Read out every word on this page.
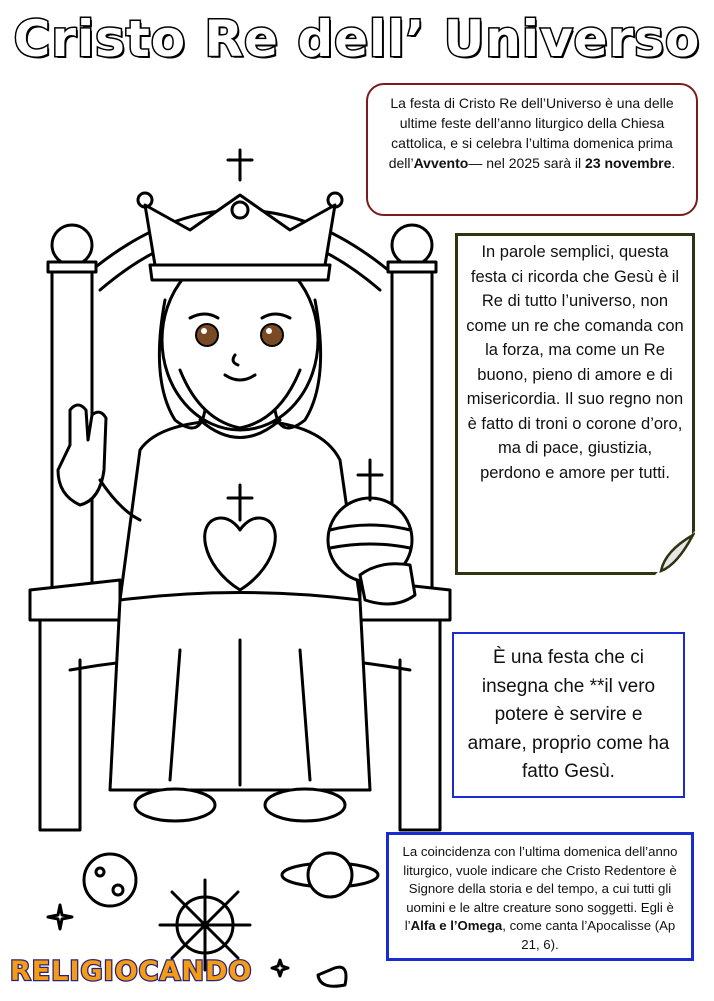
Cristo Re dell’ Universo
La festa di Cristo Re dell’Universo è una delle ultime feste dell’anno liturgico della Chiesa cattolica, e si celebra l’ultima domenica prima dell’Avvento— nel 2025 sarà il 23 novembre.
In parole semplici, questa festa ci ricorda che Gesù è il Re di tutto l’universo, non come un re che comanda con la forza, ma come un Re buono, pieno di amore e di misericordia. Il suo regno non è fatto di troni o corone d’oro, ma di pace, giustizia, perdono e amore per tutti.
È una festa che ci insegna che **il vero potere è servire e amare, proprio come ha fatto Gesù.
La coincidenza con l’ultima domenica dell’anno liturgico, vuole indicare che Cristo Redentore è Signore della storia e del tempo, a cui tutti gli uomini e le altre creature sono soggetti. Egli è l’Alfa e l’Omega, come canta l’Apocalisse (Ap 21, 6).
RELIGIOCANDO
